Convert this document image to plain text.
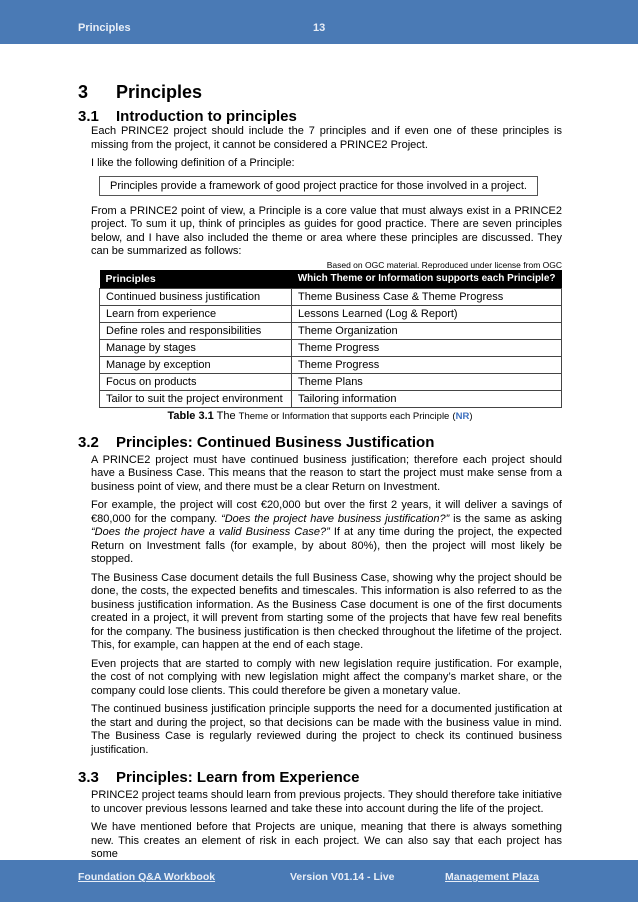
Principles	13
3 Principles
3.1 Introduction to principles

Each PRINCE2 project should include the 7 principles and if even one of these principles is missing from the project, it cannot be considered a PRINCE2 Project.

I like the following definition of a Principle:

Principles provide a framework of good project practice for those involved in a project.

From a PRINCE2 point of view, a Principle is a core value that must always exist in a PRINCE2 project. To sum it up, think of principles as guides for good practice. There are seven principles below, and I have also included the theme or area where these principles are discussed. They can be summarized as follows:

Based on OGC material. Reproduced under license from OGC
Principles	Which Theme or Information supports each Principle?
Continued business justification	Theme Business Case & Theme Progress
Learn from experience	Lessons Learned (Log & Report)
Define roles and responsibilities	Theme Organization
Manage by stages	Theme Progress
Manage by exception	Theme Progress
Focus on products	Theme Plans
Tailor to suit the project environment	Tailoring information
Table 3.1 The Theme or Information that supports each Principle (NR)
3.2 Principles: Continued Business Justification

A PRINCE2 project must have continued business justification; therefore each project should have a Business Case. This means that the reason to start the project must make sense from a business point of view, and there must be a clear Return on Investment.

For example, the project will cost €20,000 but over the first 2 years, it will deliver a savings of €80,000 for the company. “Does the project have business justification?” is the same as asking “Does the project have a valid Business Case?” If at any time during the project, the expected Return on Investment falls (for example, by about 80%), then the project will most likely be stopped.

The Business Case document details the full Business Case, showing why the project should be done, the costs, the expected benefits and timescales. This information is also referred to as the business justification information. As the Business Case document is one of the first documents created in a project, it will prevent from starting some of the projects that have few real benefits for the company. The business justification is then checked throughout the lifetime of the project. This, for example, can happen at the end of each stage.

Even projects that are started to comply with new legislation require justification. For example, the cost of not complying with new legislation might affect the company’s market share, or the company could lose clients. This could therefore be given a monetary value.

The continued business justification principle supports the need for a documented justification at the start and during the project, so that decisions can be made with the business value in mind. The Business Case is regularly reviewed during the project to check its continued business justification.

3.3 Principles: Learn from Experience

PRINCE2 project teams should learn from previous projects. They should therefore take initiative to uncover previous lessons learned and take these into account during the life of the project.

We have mentioned before that Projects are unique, meaning that there is always something new. This creates an element of risk in each project. We can also say that each project has some

Foundation Q&A Workbook	Version V01.14 - Live	Management Plaza
